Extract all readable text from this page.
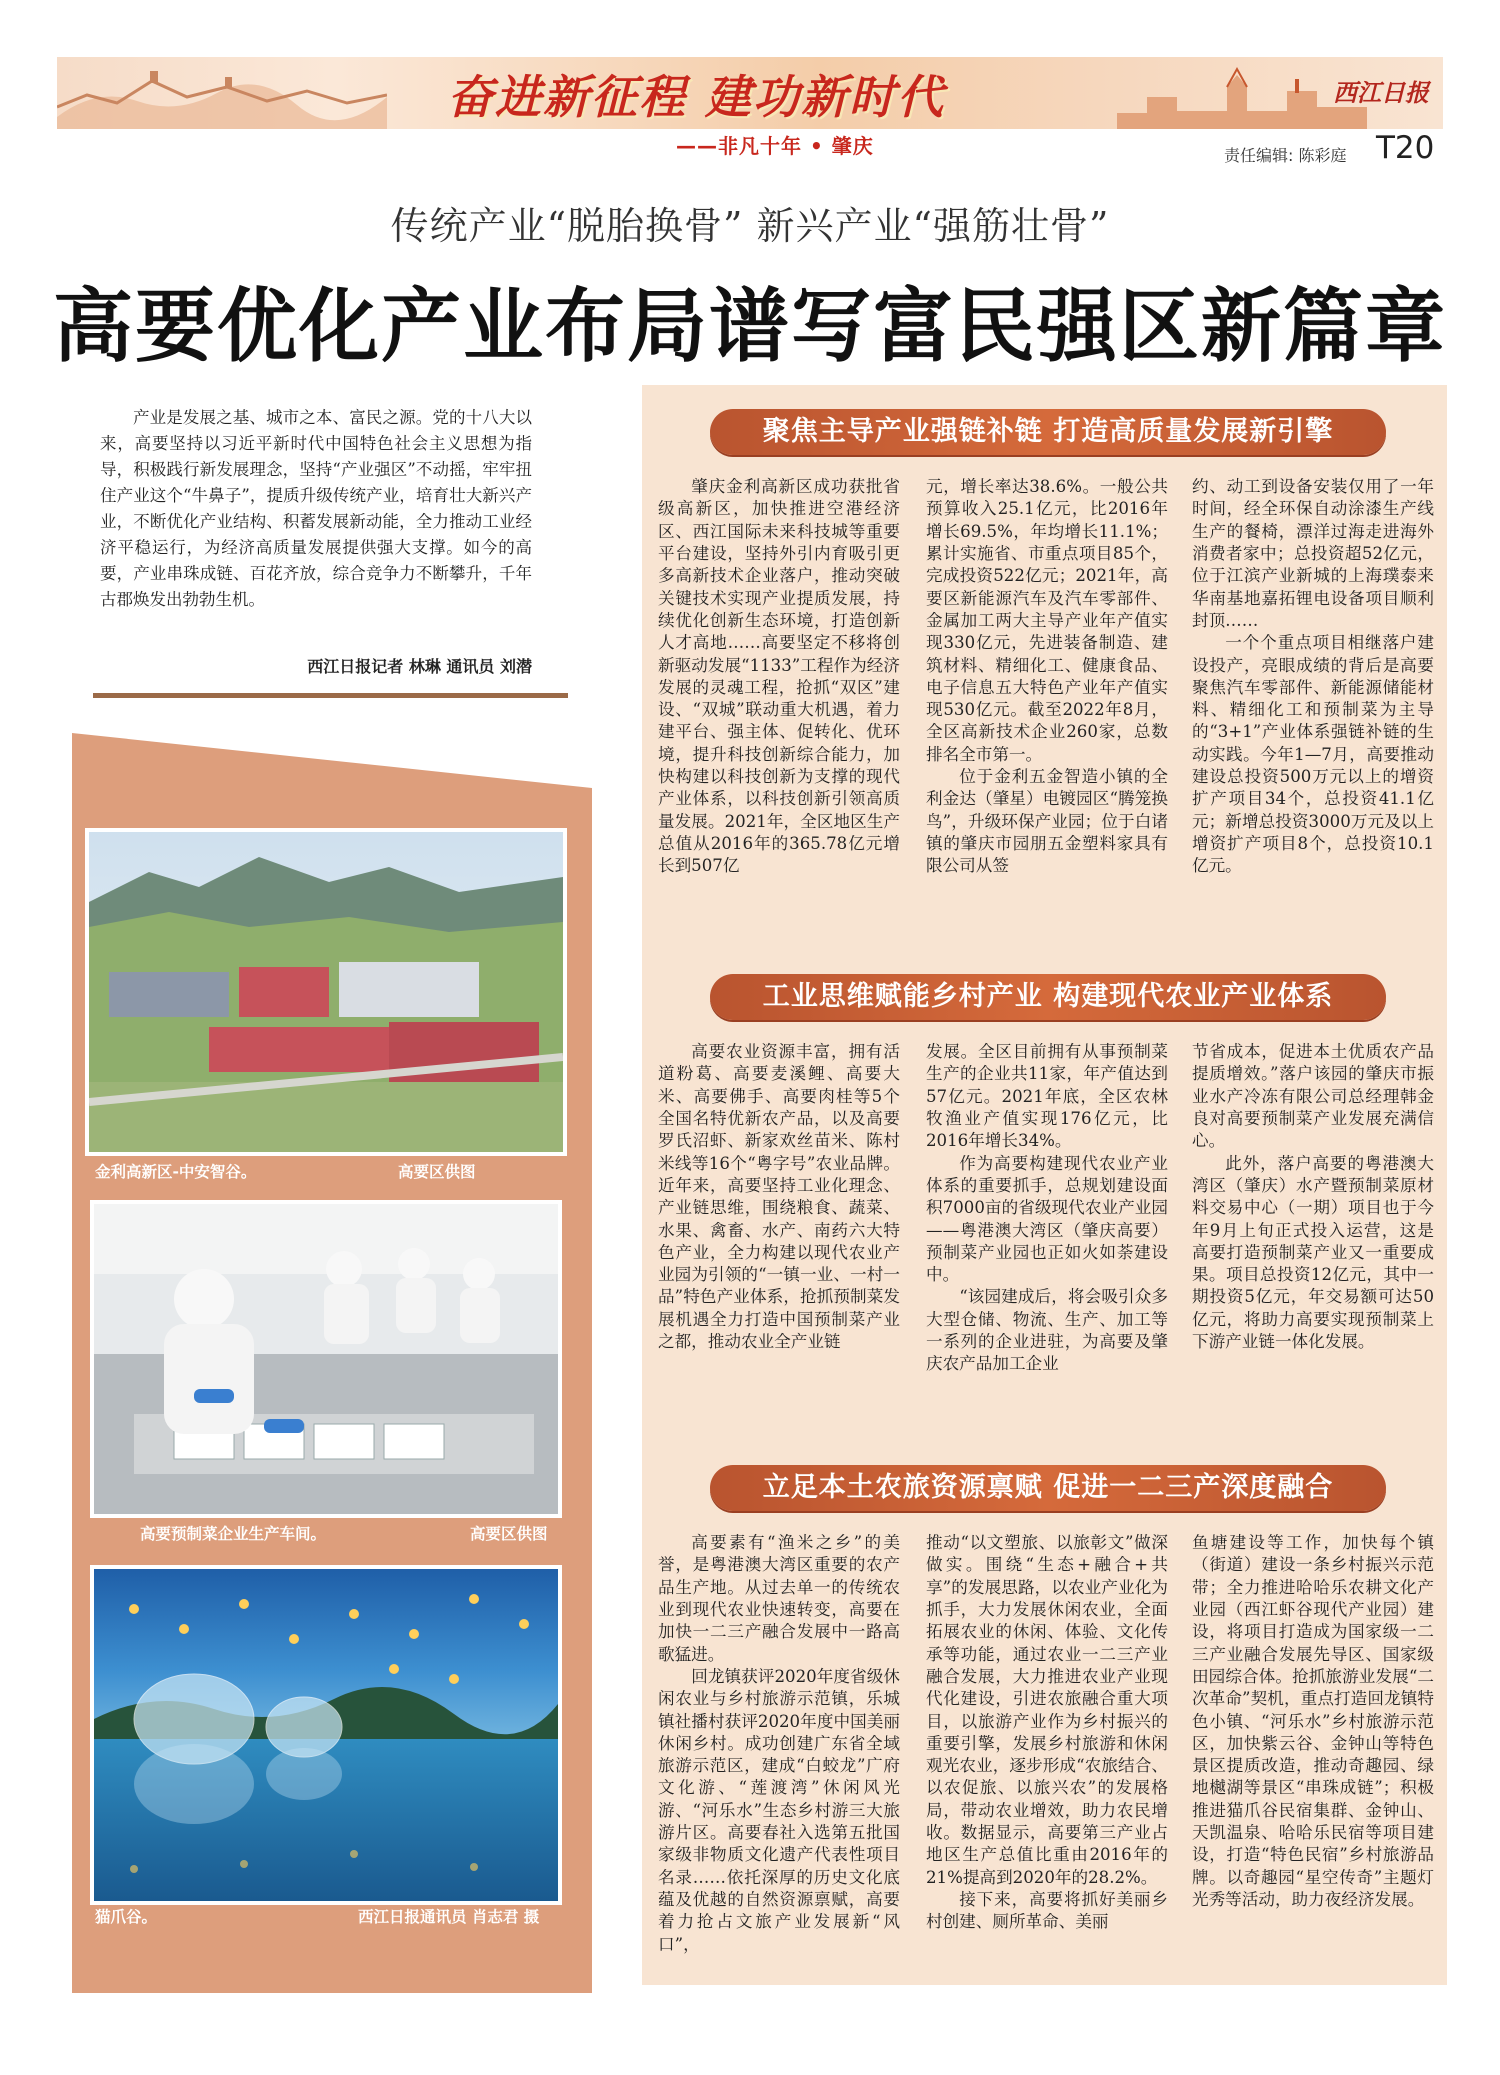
奋进新征程 建功新时代	西江日报
——非凡十年 • 肇庆	责任编辑: 陈彩庭 T20
传统产业“脱胎换骨” 新兴产业“强筋壮骨”
高要优化产业布局谱写富民强区新篇章
产业是发展之基、城市之本、富民之源。党的十八大以来，高要坚持以习近平新时代中国特色社会主义思想为指导，积极践行新发展理念，坚持“产业强区”不动摇，牢牢扭住产业这个“牛鼻子”，提质升级传统产业，培育壮大新兴产业，不断优化产业结构、积蓄发展新动能，全力推动工业经济平稳运行，为经济高质量发展提供强大支撑。如今的高要，产业串珠成链、百花齐放，综合竞争力不断攀升，千年古郡焕发出勃勃生机。
西江日报记者 林琳 通讯员 刘潜
金利高新区-中安智谷。	高要区供图
高要预制菜企业生产车间。	高要区供图
猫爪谷。	西江日报通讯员 肖志君 摄
聚焦主导产业强链补链 打造高质量发展新引擎

肇庆金利高新区成功获批省级高新区，加快推进空港经济区、西江国际未来科技城等重要平台建设，坚持外引内育吸引更多高新技术企业落户，推动突破关键技术实现产业提质发展，持续优化创新生态环境，打造创新人才高地……高要坚定不移将创新驱动发展“1133”工程作为经济发展的灵魂工程，抢抓“双区”建设、“双城”联动重大机遇，着力建平台、强主体、促转化、优环境，提升科技创新综合能力，加快构建以科技创新为支撑的现代产业体系，以科技创新引领高质量发展。2021年，全区地区生产总值从2016年的365.78亿元增长到507亿

元，增长率达38.6%。一般公共预算收入25.1亿元，比2016年增长69.5%，年均增长11.1%；累计实施省、市重点项目85个，完成投资522亿元；2021年，高要区新能源汽车及汽车零部件、金属加工两大主导产业年产值实现330亿元，先进装备制造、建筑材料、精细化工、健康食品、电子信息五大特色产业年产值实现530亿元。截至2022年8月，全区高新技术企业260家，总数排名全市第一。

位于金利五金智造小镇的全利金达（肇星）电镀园区“腾笼换鸟”，升级环保产业园；位于白诸镇的肇庆市园朋五金塑料家具有限公司从签

约、动工到设备安装仅用了一年时间，经全环保自动涂漆生产线生产的餐椅，漂洋过海走进海外消费者家中；总投资超52亿元，位于江滨产业新城的上海璞泰来华南基地嘉拓锂电设备项目顺利封顶……

一个个重点项目相继落户建设投产，亮眼成绩的背后是高要聚焦汽车零部件、新能源储能材料、精细化工和预制菜为主导的“3+1”产业体系强链补链的生动实践。今年1—7月，高要推动建设总投资500万元以上的增资扩产项目34个，总投资41.1亿元；新增总投资3000万元及以上增资扩产项目8个，总投资10.1亿元。

工业思维赋能乡村产业 构建现代农业产业体系

高要农业资源丰富，拥有活道粉葛、高要麦溪鲤、高要大米、高要佛手、高要肉桂等5个全国名特优新农产品，以及高要罗氏沼虾、新家欢丝苗米、陈村米线等16个“粤字号”农业品牌。近年来，高要坚持工业化理念、产业链思维，围绕粮食、蔬菜、水果、禽畜、水产、南药六大特色产业，全力构建以现代农业产业园为引领的“一镇一业、一村一品”特色产业体系，抢抓预制菜发展机遇全力打造中国预制菜产业之都，推动农业全产业链

发展。全区目前拥有从事预制菜生产的企业共11家，年产值达到57亿元。2021年底，全区农林牧渔业产值实现176亿元，比2016年增长34%。

作为高要构建现代农业产业体系的重要抓手，总规划建设面积7000亩的省级现代农业产业园——粤港澳大湾区（肇庆高要）预制菜产业园也正如火如荼建设中。

“该园建成后，将会吸引众多大型仓储、物流、生产、加工等一系列的企业进驻，为高要及肇庆农产品加工企业

节省成本，促进本土优质农产品提质增效。”落户该园的肇庆市振业水产冷冻有限公司总经理韩金良对高要预制菜产业发展充满信心。

此外，落户高要的粤港澳大湾区（肇庆）水产暨预制菜原材料交易中心（一期）项目也于今年9月上旬正式投入运营，这是高要打造预制菜产业又一重要成果。项目总投资12亿元，其中一期投资5亿元，年交易额可达50亿元，将助力高要实现预制菜上下游产业链一体化发展。

立足本土农旅资源禀赋 促进一二三产深度融合

高要素有“渔米之乡”的美誉，是粤港澳大湾区重要的农产品生产地。从过去单一的传统农业到现代农业快速转变，高要在加快一二三产融合发展中一路高歌猛进。

回龙镇获评2020年度省级休闲农业与乡村旅游示范镇，乐城镇社播村获评2020年度中国美丽休闲乡村。成功创建广东省全域旅游示范区，建成“白蛟龙”广府文化游、“莲渡湾”休闲风光游、“河乐水”生态乡村游三大旅游片区。高要春社入选第五批国家级非物质文化遗产代表性项目名录……依托深厚的历史文化底蕴及优越的自然资源禀赋，高要着力抢占文旅产业发展新“风口”，

推动“以文塑旅、以旅彰文”做深做实。围绕“生态+融合+共享”的发展思路，以农业产业化为抓手，大力发展休闲农业，全面拓展农业的休闲、体验、文化传承等功能，通过农业一二三产业融合发展，大力推进农业产业现代化建设，引进农旅融合重大项目，以旅游产业作为乡村振兴的重要引擎，发展乡村旅游和休闲观光农业，逐步形成“农旅结合、以农促旅、以旅兴农”的发展格局，带动农业增效，助力农民增收。数据显示，高要第三产业占地区生产总值比重由2016年的21%提高到2020年的28.2%。

接下来，高要将抓好美丽乡村创建、厕所革命、美丽

鱼塘建设等工作，加快每个镇（街道）建设一条乡村振兴示范带；全力推进哈哈乐农耕文化产业园（西江虾谷现代产业园）建设，将项目打造成为国家级一二三产业融合发展先导区、国家级田园综合体。抢抓旅游业发展“二次革命”契机，重点打造回龙镇特色小镇、“河乐水”乡村旅游示范区，加快紫云谷、金钟山等特色景区提质改造，推动奇趣园、绿地樾湖等景区“串珠成链”；积极推进猫爪谷民宿集群、金钟山、天凯温泉、哈哈乐民宿等项目建设，打造“特色民宿”乡村旅游品牌。以奇趣园“星空传奇”主题灯光秀等活动，助力夜经济发展。
